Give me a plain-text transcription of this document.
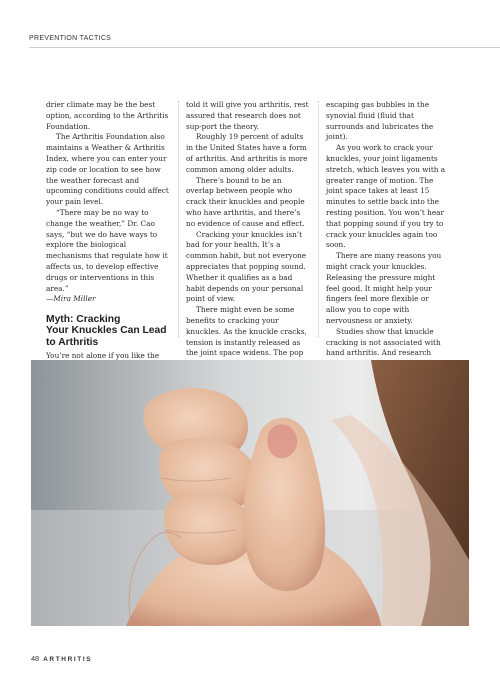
PREVENTION TACTICS

drier climate may be the best option, according to the Arthritis Foundation.

The Arthritis Foundation also maintains a Weather & Arthritis Index, where you can enter your zip code or location to see how the weather forecast and upcoming conditions could affect your pain level.

“There may be no way to change the weather,” Dr. Cao says, “but we do have ways to explore the biological mechanisms that regulate how it affects us, to develop effective drugs or interventions in this area.”

—Mira Miller

Myth: Cracking
Your Knuckles Can Lead
to Arthritis

You’re not alone if you like the

told it will give you arthritis, rest assured that research does not sup-port the theory.

Roughly 19 percent of adults in the United States have a form of arthritis. And arthritis is more common among older adults.

There’s bound to be an overlap between people who crack their knuckles and people who have arthritis, and there’s no evidence of cause and effect.

Cracking your knuckles isn’t bad for your health. It’s a common habit, but not everyone appreciates that popping sound. Whether it qualifies as a bad habit depends on your personal point of view.

There might even be some benefits to cracking your knuckles. As the knuckle cracks, tension is instantly released as the joint space widens. The pop

escaping gas bubbles in the synovial fluid (fluid that surrounds and lubricates the joint).

As you work to crack your knuckles, your joint ligaments stretch, which leaves you with a greater range of motion. The joint space takes at least 15 minutes to settle back into the resting position. You won’t hear that popping sound if you try to crack your knuckles again too soon.

There are many reasons you might crack your knuckles. Releasing the pressure might feel good. It might help your fingers feel more flexible or allow you to cope with nervousness or anxiety.

Studies show that knuckle cracking is not associated with hand arthritis. And research

48 ARTHRITIS
